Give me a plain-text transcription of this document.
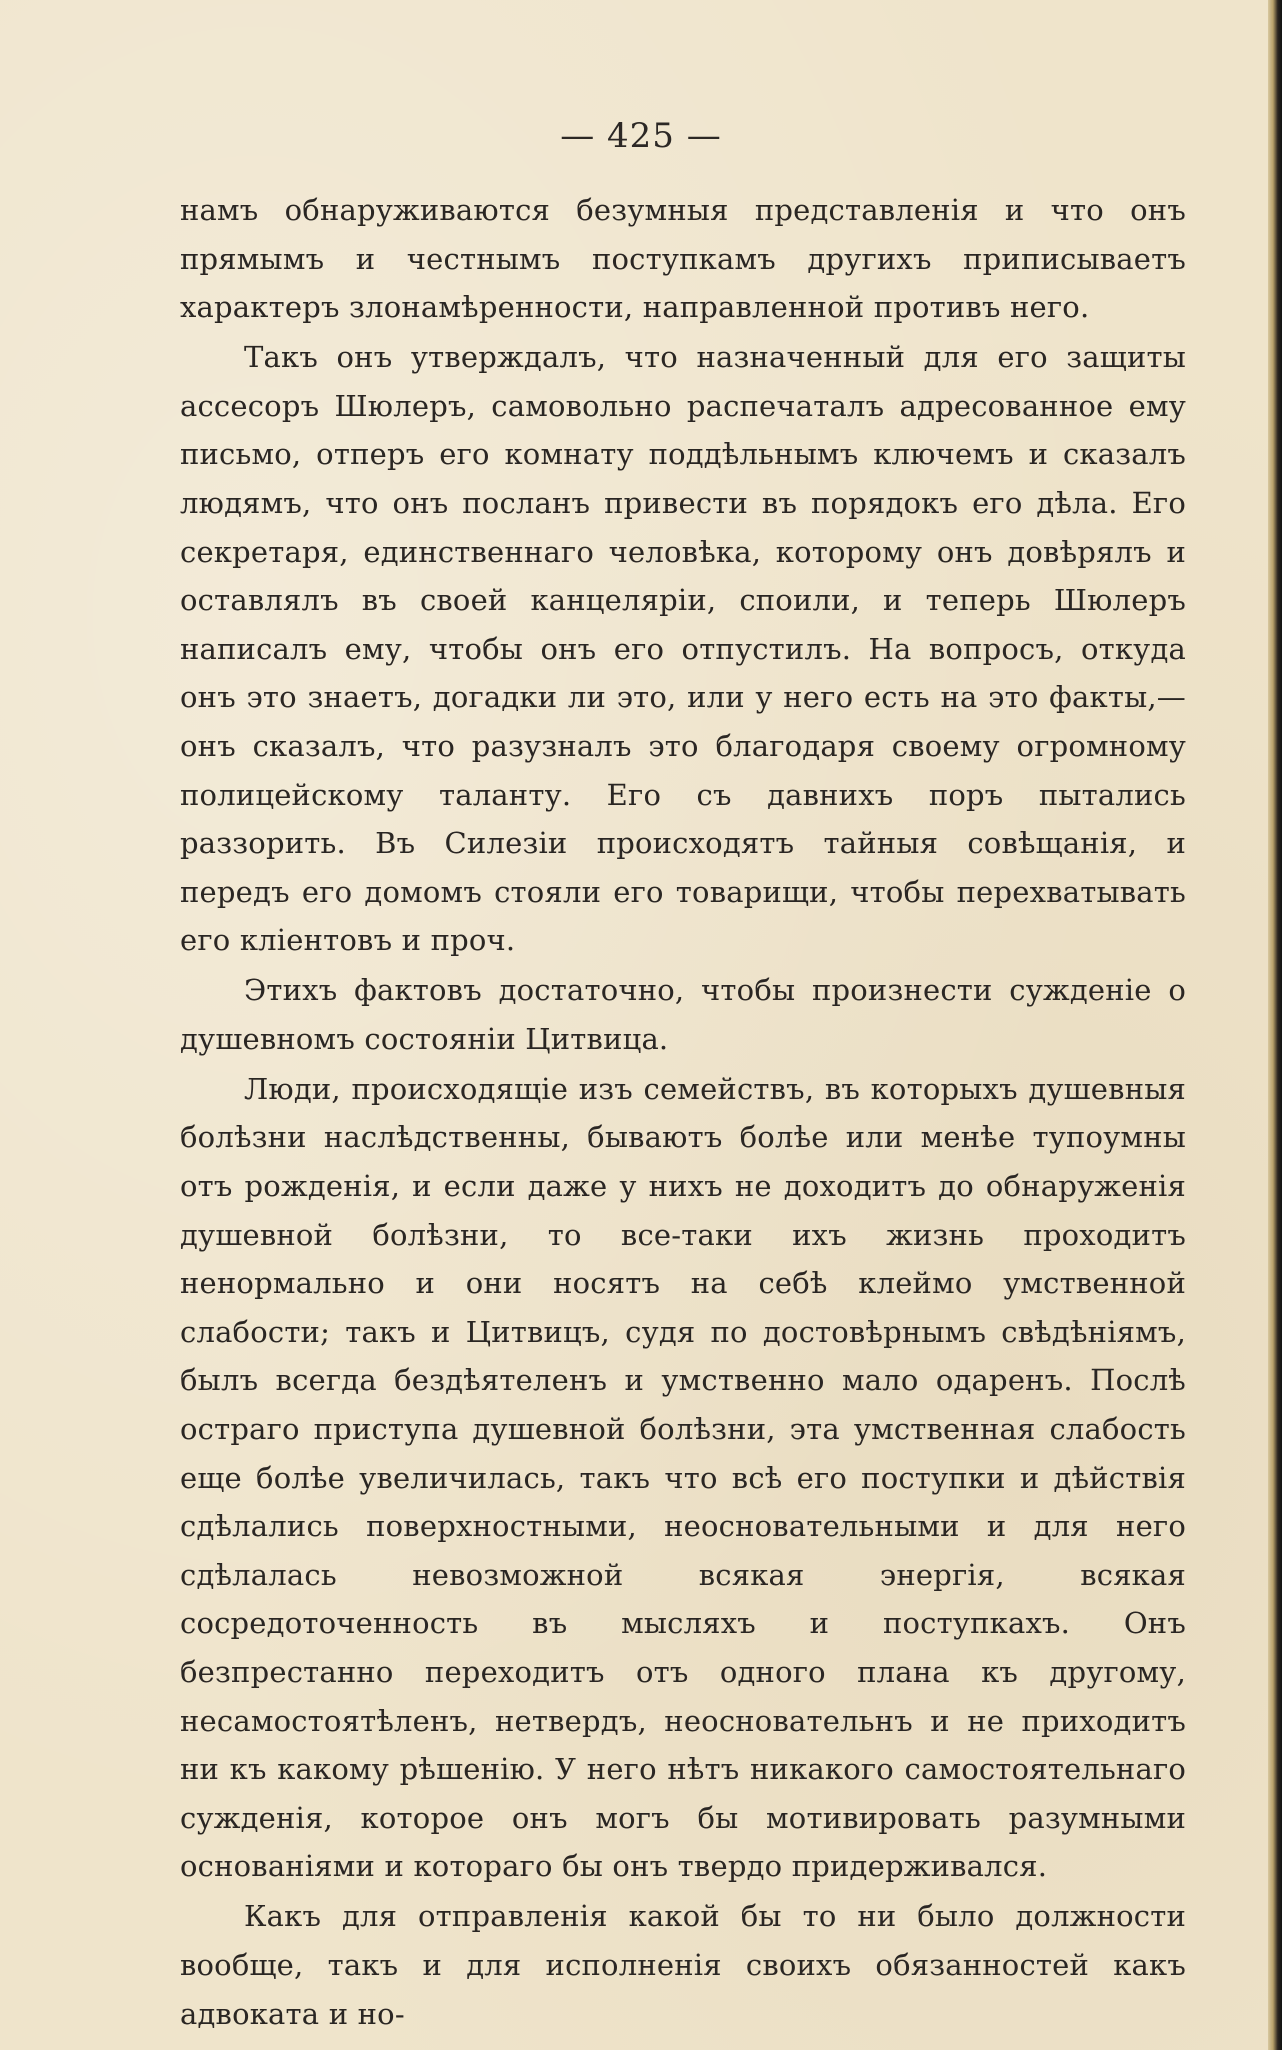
— 425 —

намъ обнаруживаются безумныя представленія и что онъ прямымъ и честнымъ поступкамъ другихъ приписываетъ характеръ злонамѣренности, направленной противъ него.

Такъ онъ утверждалъ, что назначенный для его защиты ассесоръ Шюлеръ, самовольно распечаталъ адресованное ему письмо, отперъ его комнату поддѣльнымъ ключемъ и сказалъ людямъ, что онъ посланъ привести въ порядокъ его дѣла. Его секретаря, единственнаго человѣка, которому онъ довѣрялъ и оставлялъ въ своей канцеляріи, споили, и теперь Шюлеръ написалъ ему, чтобы онъ его отпустилъ. На вопросъ, откуда онъ это знаетъ, догадки ли это, или у него есть на это факты,—онъ сказалъ, что разузналъ это благодаря своему огромному полицейскому таланту. Его съ давнихъ поръ пытались раззорить. Въ Силезіи происходятъ тайныя совѣщанія, и передъ его домомъ стояли его товарищи, чтобы перехватывать его кліентовъ и проч.

Этихъ фактовъ достаточно, чтобы произнести сужденіе о душевномъ состояніи Цитвица.

Люди, происходящіе изъ семействъ, въ которыхъ душевныя болѣзни наслѣдственны, бываютъ болѣе или менѣе тупоумны отъ рожденія, и если даже у нихъ не доходитъ до обнаруженія душевной болѣзни, то все-таки ихъ жизнь проходитъ ненормально и они носятъ на себѣ клеймо умственной слабости; такъ и Цитвицъ, судя по достовѣрнымъ свѣдѣніямъ, былъ всегда бездѣятеленъ и умственно мало одаренъ. Послѣ остраго приступа душевной болѣзни, эта умственная слабость еще болѣе увеличилась, такъ что всѣ его поступки и дѣйствія сдѣлались поверхностными, неосновательными и для него сдѣлалась невозможной всякая энергія, всякая сосредоточенность въ мысляхъ и поступкахъ. Онъ безпрестанно переходитъ отъ одного плана къ другому, несамостоятѣленъ, нетвердъ, неосновательнъ и не приходитъ ни къ какому рѣшенію. У него нѣтъ никакого самостоятельнаго сужденія, которое онъ могъ бы мотивировать разумными основаніями и котораго бы онъ твердо придерживался.

Какъ для отправленія какой бы то ни было должности вообще, такъ и для исполненія своихъ обязанностей какъ адвоката и но-
